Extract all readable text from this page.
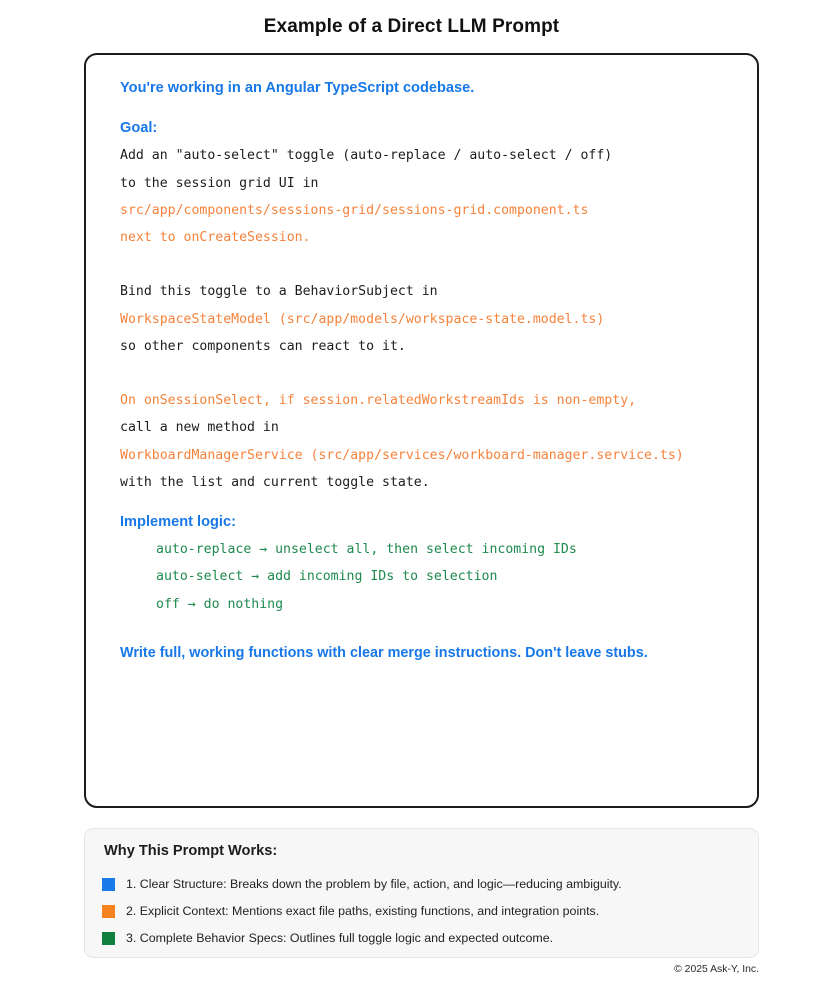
Example of a Direct LLM Prompt
You're working in an Angular TypeScript codebase.
Goal:
Add an "auto-select" toggle (auto-replace / auto-select / off)
to the session grid UI in
src/app/components/sessions-grid/sessions-grid.component.ts
next to onCreateSession.
Bind this toggle to a BehaviorSubject in
WorkspaceStateModel (src/app/models/workspace-state.model.ts)
so other components can react to it.
On onSessionSelect, if session.relatedWorkstreamIds is non-empty,
call a new method in
WorkboardManagerService (src/app/services/workboard-manager.service.ts)
with the list and current toggle state.
Implement logic:
auto-replace → unselect all, then select incoming IDs
auto-select → add incoming IDs to selection
off → do nothing
Write full, working functions with clear merge instructions. Don't leave stubs.
Why This Prompt Works:
1. Clear Structure: Breaks down the problem by file, action, and logic—reducing ambiguity.
2. Explicit Context: Mentions exact file paths, existing functions, and integration points.
3. Complete Behavior Specs: Outlines full toggle logic and expected outcome.
© 2025 Ask-Y, Inc.
